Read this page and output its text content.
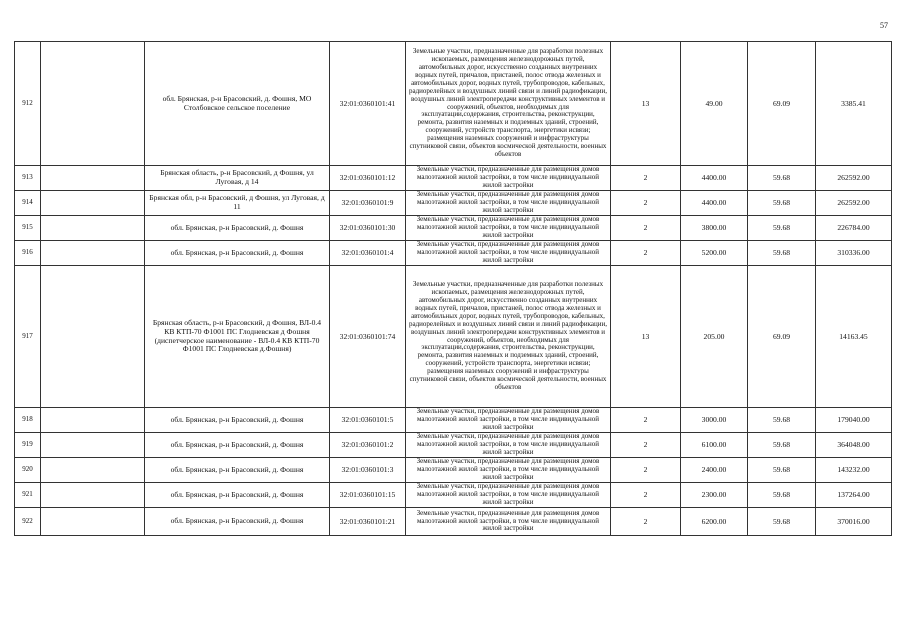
57
912		обл. Брянская, р-н Брасовский, д. Фошня, МО Столбовское сельское поселение	32:01:0360101:41	Земельные участки, предназначенные для разработки полезных ископаемых, размещения железнодорожных путей, автомобильных дорог, искусственно созданных внутренних водных путей, причалов, пристаней, полос отвода железных и автомобильных дорог, водных путей, трубопроводов, кабельных, радиорелейных и воздушных линий связи и линий радиофикации, воздушных линий электропередачи конструктивных элементов и сооружений, объектов, необходимых для эксплуатации,содержания, строительства, реконструкции, ремонта, развития наземных и подземных зданий, строений, сооружений, устройств транспорта, энергетики исвязи; размещения наземных сооружений и инфраструктуры спутниковой связи, объектов космической деятельности, военных объектов	13	49.00	69.09	3385.41
913		Брянская область, р-н Брасовский, д Фошня, ул Луговая, д 14	32:01:0360101:12	Земельные участки, предназначенные для размещения домов малоэтажной жилой застройки, в том числе индивидуальной жилой застройки	2	4400.00	59.68	262592.00
914		Брянская обл, р-н Брасовский, д Фошня, ул Луговая, д 11	32:01:0360101:9	Земельные участки, предназначенные для размещения домов малоэтажной жилой застройки, в том числе индивидуальной жилой застройки	2	4400.00	59.68	262592.00
915		обл. Брянская, р-н Брасовский, д. Фошня	32:01:0360101:30	Земельные участки, предназначенные для размещения домов малоэтажной жилой застройки, в том числе индивидуальной жилой застройки	2	3800.00	59.68	226784.00
916		обл. Брянская, р-н Брасовский, д. Фошня	32:01:0360101:4	Земельные участки, предназначенные для размещения домов малоэтажной жилой застройки, в том числе индивидуальной жилой застройки	2	5200.00	59.68	310336.00
917		Брянская область, р-н Брасовский, д Фошня, ВЛ-0.4 КВ КТП-70 Ф1001 ПС Глодневская д Фошня (диспетчерское наименование - ВЛ-0.4 КВ КТП-70 Ф1001 ПС Глодневская д.Фошня)	32:01:0360101:74	Земельные участки, предназначенные для разработки полезных ископаемых, размещения железнодорожных путей, автомобильных дорог, искусственно созданных внутренних водных путей, причалов, пристаней, полос отвода железных и автомобильных дорог, водных путей, трубопроводов, кабельных, радиорелейных и воздушных линий связи и линий радиофикации, воздушных линий электропередачи конструктивных элементов и сооружений, объектов, необходимых для эксплуатации,содержания, строительства, реконструкции, ремонта, развития наземных и подземных зданий, строений, сооружений, устройств транспорта, энергетики исвязи; размещения наземных сооружений и инфраструктуры спутниковой связи, объектов космической деятельности, военных объектов	13	205.00	69.09	14163.45
918		обл. Брянская, р-н Брасовский, д. Фошня	32:01:0360101:5	Земельные участки, предназначенные для размещения домов малоэтажной жилой застройки, в том числе индивидуальной жилой застройки	2	3000.00	59.68	179040.00
919		обл. Брянская, р-н Брасовский, д. Фошня	32:01:0360101:2	Земельные участки, предназначенные для размещения домов малоэтажной жилой застройки, в том числе индивидуальной жилой застройки	2	6100.00	59.68	364048.00
920		обл. Брянская, р-н Брасовский, д. Фошня	32:01:0360101:3	Земельные участки, предназначенные для размещения домов малоэтажной жилой застройки, в том числе индивидуальной жилой застройки	2	2400.00	59.68	143232.00
921		обл. Брянская, р-н Брасовский, д. Фошня	32:01:0360101:15	Земельные участки, предназначенные для размещения домов малоэтажной жилой застройки, в том числе индивидуальной жилой застройки	2	2300.00	59.68	137264.00
922		обл. Брянская, р-н Брасовский, д. Фошня	32:01:0360101:21	Земельные участки, предназначенные для размещения домов малоэтажной жилой застройки, в том числе индивидуальной жилой застройки	2	6200.00	59.68	370016.00
